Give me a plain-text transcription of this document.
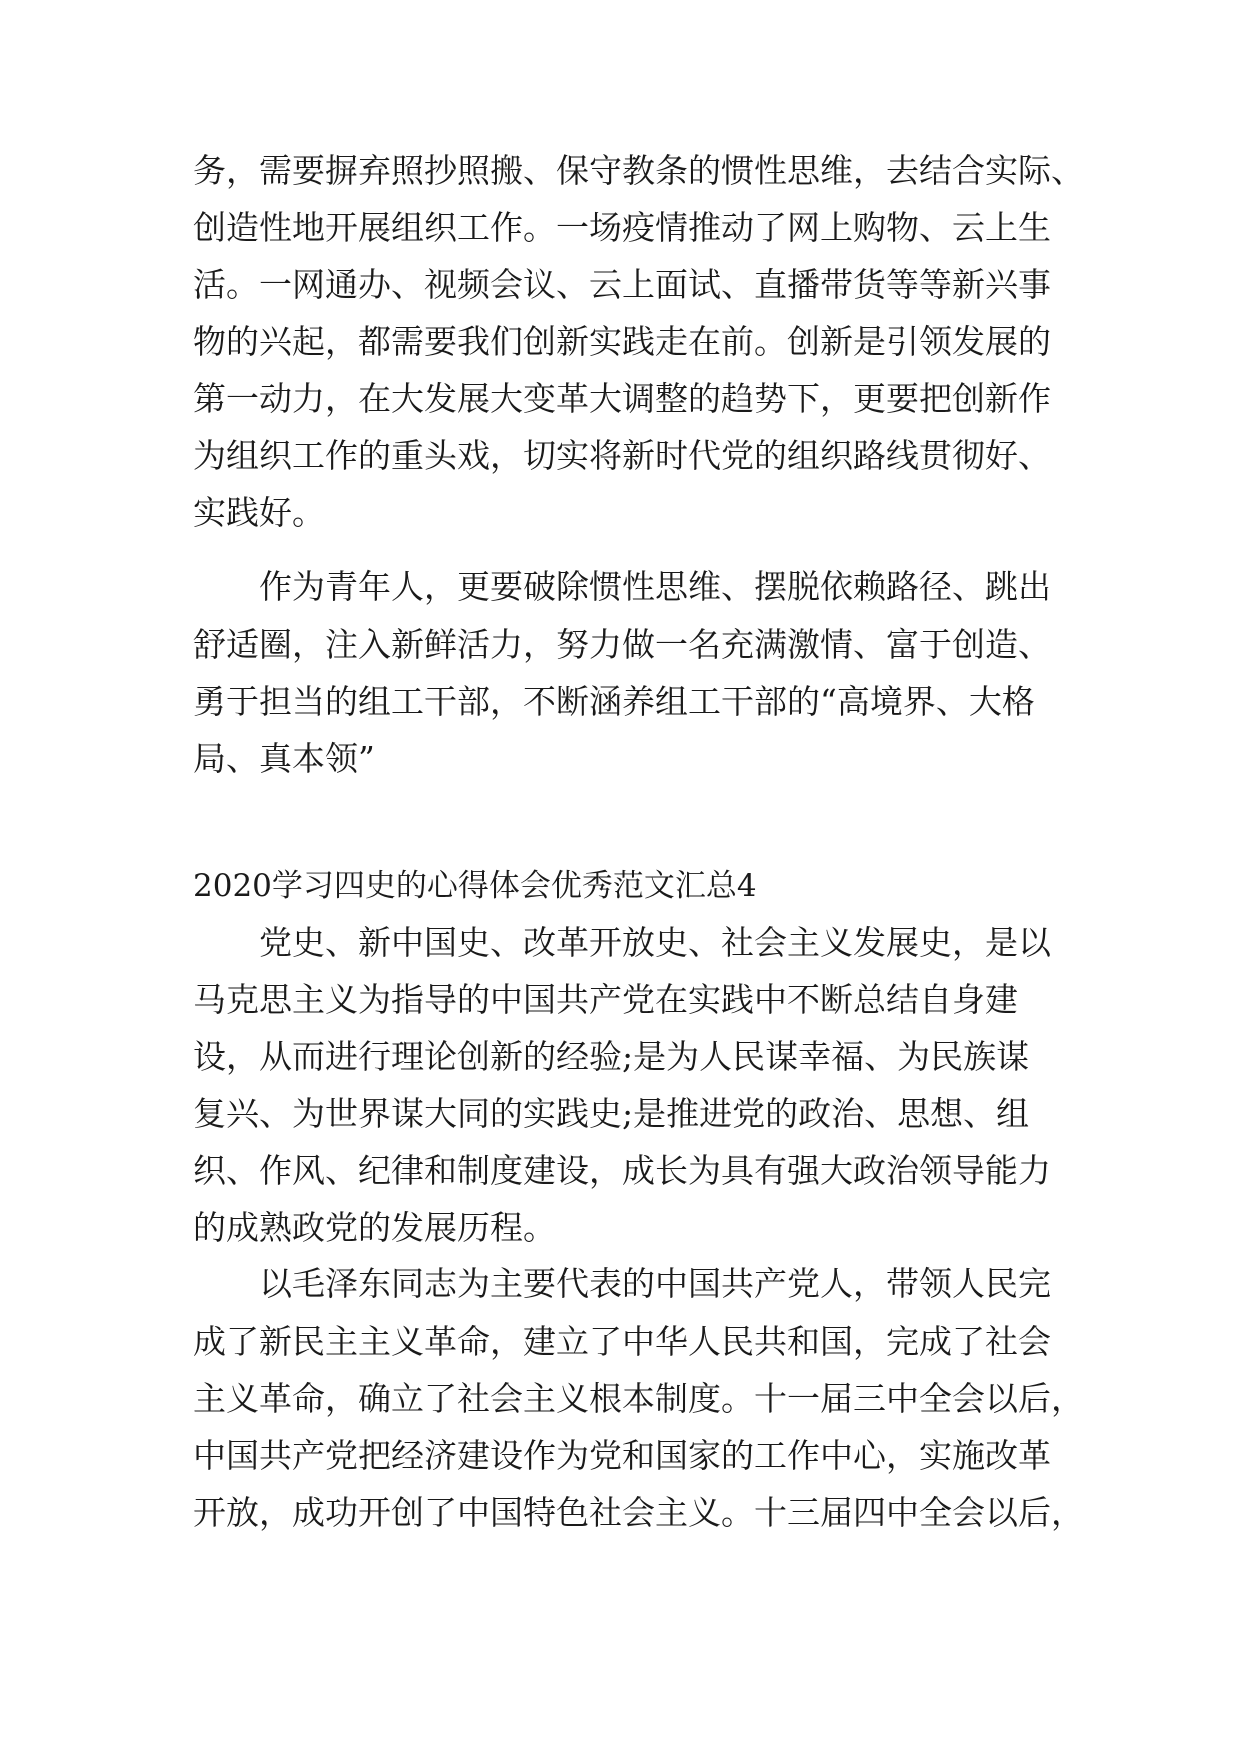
务，需要摒弃照抄照搬、保守教条的惯性思维，去结合实际、

创造性地开展组织工作。一场疫情推动了网上购物、云上生

活。一网通办、视频会议、云上面试、直播带货等等新兴事

物的兴起，都需要我们创新实践走在前。创新是引领发展的

第一动力，在大发展大变革大调整的趋势下，更要把创新作

为组织工作的重头戏，切实将新时代党的组织路线贯彻好、

实践好。

作为青年人，更要破除惯性思维、摆脱依赖路径、跳出

舒适圈，注入新鲜活力，努力做一名充满激情、富于创造、

勇于担当的组工干部，不断涵养组工干部的“高境界、大格

局、真本领”

2020学习四史的心得体会优秀范文汇总4

党史、新中国史、改革开放史、社会主义发展史，是以

马克思主义为指导的中国共产党在实践中不断总结自身建

设，从而进行理论创新的经验;是为人民谋幸福、为民族谋

复兴、为世界谋大同的实践史;是推进党的政治、思想、组

织、作风、纪律和制度建设，成长为具有强大政治领导能力

的成熟政党的发展历程。

以毛泽东同志为主要代表的中国共产党人，带领人民完

成了新民主主义革命，建立了中华人民共和国，完成了社会

主义革命，确立了社会主义根本制度。十一届三中全会以后，

中国共产党把经济建设作为党和国家的工作中心，实施改革

开放，成功开创了中国特色社会主义。十三届四中全会以后，
